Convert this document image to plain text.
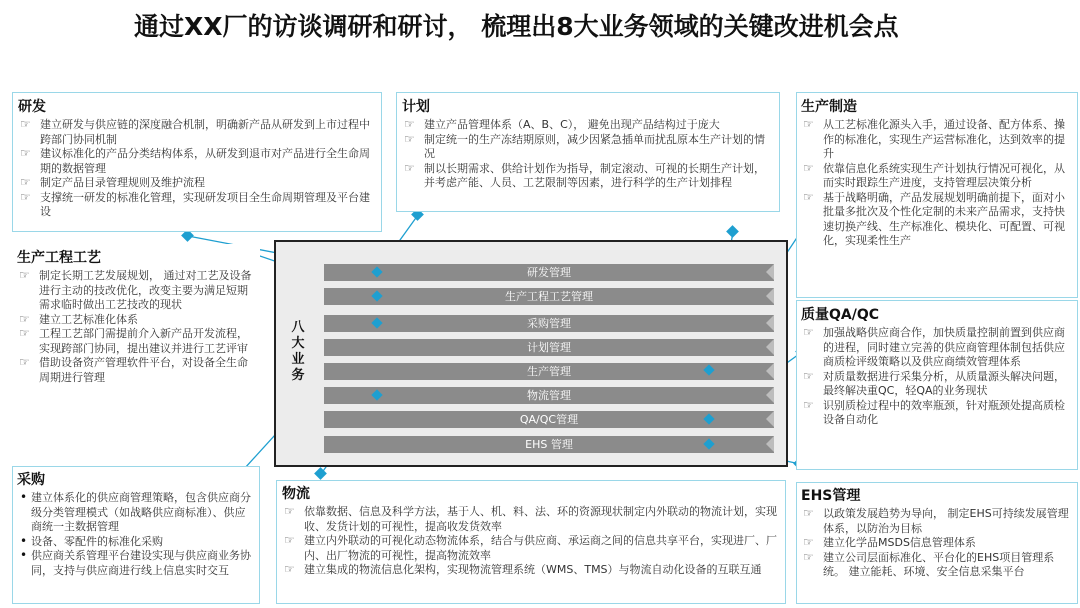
通过XX厂的访谈调研和研讨， 梳理出8大业务领域的关键改进机会点
研发
☞ 建立研发与供应链的深度融合机制，明确新产品从研发到上市过程中跨部门协同机制
☞ 建议标准化的产品分类结构体系，从研发到退市对产品进行全生命周期的数据管理
☞ 制定产品目录管理规则及维护流程
☞ 支撑统一研发的标准化管理，实现研发项目全生命周期管理及平台建设
计划
☞ 建立产品管理体系（A、B、C）， 避免出现产品结构过于庞大
☞ 制定统一的生产冻结期原则，减少因紧急插单而扰乱原本生产计划的情况
☞ 制以长期需求、供给计划作为指导，制定滚动、可视的长期生产计划，并考虑产能、人员、工艺限制等因素，进行科学的生产计划排程
生产制造
☞ 从工艺标准化源头入手，通过设备、配方体系、操作的标准化，实现生产运营标准化，达到效率的提升
☞ 依靠信息化系统实现生产计划执行情况可视化，从而实时跟踪生产进度，支持管理层决策分析
☞ 基于战略明确，产品发展规划明确前提下，面对小批量多批次及个性化定制的未来产品需求，支持快速切换产线、生产标准化、模块化、可配置、可视化，实现柔性生产
生产工程工艺
☞ 制定长期工艺发展规划， 通过对工艺及设备进行主动的技改优化，改变主要为满足短期需求临时做出工艺技改的现状
☞ 建立工艺标准化体系
☞ 工程工艺部门需提前介入新产品开发流程， 实现跨部门协同，提出建议并进行工艺评审
☞ 借助设备资产管理软件平台，对设备全生命周期进行管理
质量QA/QC
☞ 加强战略供应商合作，加快质量控制前置到供应商的进程，同时建立完善的供应商管理体制包括供应商质检评级策略以及供应商绩效管理体系
☞ 对质量数据进行采集分析，从质量源头解决问题，最终解决重QC，轻QA的业务现状
☞ 识别质检过程中的效率瓶颈，针对瓶颈处提高质检设备自动化
采购
• 建立体系化的供应商管理策略，包含供应商分级分类管理模式（如战略供应商标准）、供应商统一主数据管理
• 设备、零配件的标准化采购
• 供应商关系管理平台建设实现与供应商业务协同，支持与供应商进行线上信息实时交互
物流
☞ 依靠数据、信息及科学方法，基于人、机、料、法、环的资源现状制定内外联动的物流计划，实现收、发货计划的可视性，提高收发货效率
☞ 建立内外联动的可视化动态物流体系，结合与供应商、承运商之间的信息共享平台，实现进厂、厂内、出厂物流的可视性，提高物流效率
☞ 建立集成的物流信息化架构，实现物流管理系统（WMS、TMS）与物流自动化设备的互联互通
EHS管理
☞ 以政策发展趋势为导向， 制定EHS可持续发展管理体系，以防治为目标
☞ 建立化学品MSDS信息管理体系
☞ 建立公司层面标准化、平台化的EHS项目管理系统。 建立能耗、环境、安全信息采集平台
八大业务
研发管理
生产工程工艺管理
采购管理
计划管理
生产管理
物流管理
QA/QC管理
EHS 管理
